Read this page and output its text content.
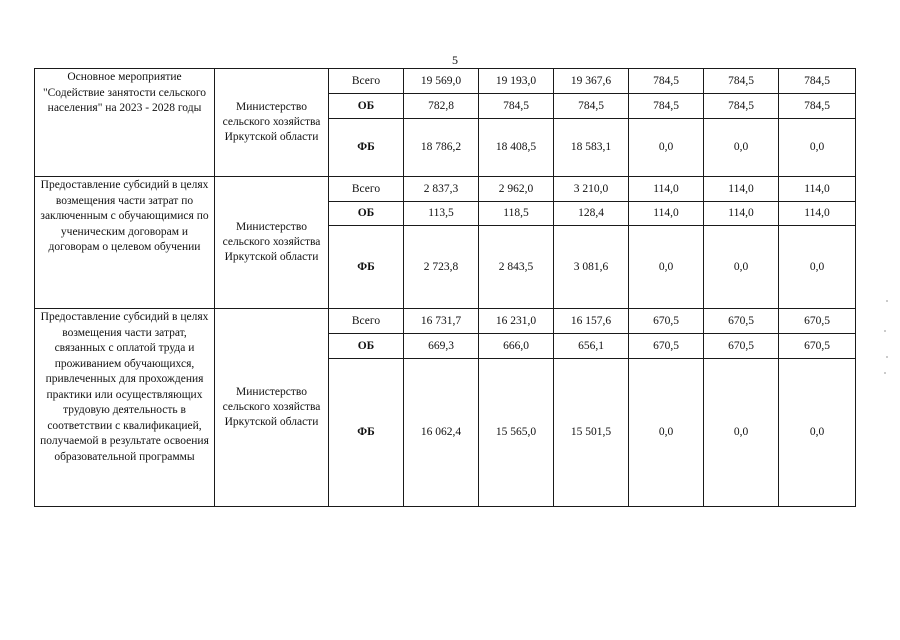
5
Основное мероприятие "Содействие занятости сельского населения" на 2023 - 2028 годы	Министерство сельского хозяйства Иркутской области	Всего	19 569,0	19 193,0	19 367,6	784,5	784,5	784,5
		ОБ	782,8	784,5	784,5	784,5	784,5	784,5
		ФБ	18 786,2	18 408,5	18 583,1	0,0	0,0	0,0
Предоставление субсидий в целях возмещения части затрат по заключенным с обучающимися по ученическим договорам и договорам о целевом обучении	Министерство сельского хозяйства Иркутской области	Всего	2 837,3	2 962,0	3 210,0	114,0	114,0	114,0
		ОБ	113,5	118,5	128,4	114,0	114,0	114,0
		ФБ	2 723,8	2 843,5	3 081,6	0,0	0,0	0,0
Предоставление субсидий в целях возмещения части затрат, связанных с оплатой труда и проживанием обучающихся, привлеченных для прохождения практики или осуществляющих трудовую деятельность в соответствии с квалификацией, получаемой в результате освоения образовательной программы	Министерство сельского хозяйства Иркутской области	Всего	16 731,7	16 231,0	16 157,6	670,5	670,5	670,5
		ОБ	669,3	666,0	656,1	670,5	670,5	670,5
		ФБ	16 062,4	15 565,0	15 501,5	0,0	0,0	0,0
